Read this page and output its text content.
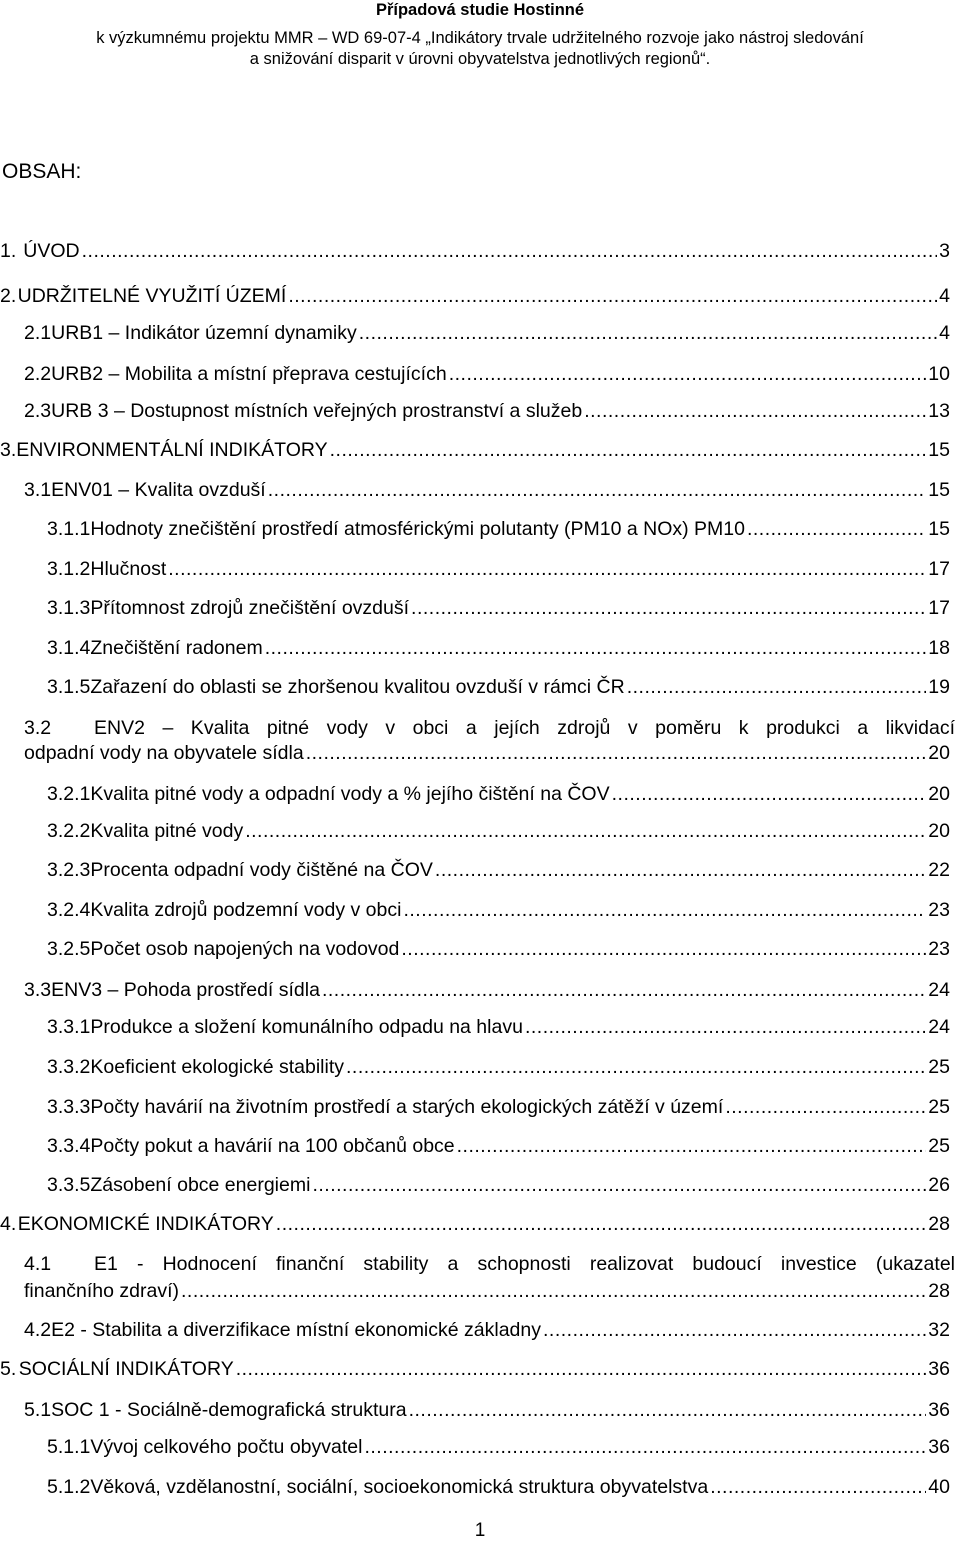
Případová studie Hostinné
k výzkumnému projektu MMR – WD 69-07-4 „Indikátory trvale udržitelného rozvoje jako nástroj sledování
a snižování disparit v úrovni obyvatelstva jednotlivých regionů“.
OBSAH:
1. ÚVOD .....	3
2. UDRŽITELNÉ VYUŽITÍ ÚZEMÍ .....	4
2.1 URB1 – Indikátor územní dynamiky .....	4
2.2 URB2 – Mobilita a místní přeprava cestujících .....	10
2.3 URB 3 – Dostupnost místních veřejných prostranství a služeb .....	13
3. ENVIRONMENTÁLNÍ INDIKÁTORY .....	15
3.1 ENV01 – Kvalita ovzduší .....	15
3.1.1 Hodnoty znečištění prostředí atmosférickými polutanty (PM10 a NOx) PM10 .....	15
3.1.2 Hlučnost .....	17
3.1.3 Přítomnost zdrojů znečištění ovzduší .....	17
3.1.4 Znečištění radonem .....	18
3.1.5 Zařazení do oblasti se zhoršenou kvalitou ovzduší v rámci ČR .....	19
3.2 ENV2 – Kvalita pitné vody v obci a jejích zdrojů v poměru k produkci a likvidací
odpadní vody na obyvatele sídla .....	20
3.2.1 Kvalita pitné vody a odpadní vody a % jejího čištění na ČOV .....	20
3.2.2 Kvalita pitné vody .....	20
3.2.3 Procenta odpadní vody čištěné na ČOV .....	22
3.2.4 Kvalita zdrojů podzemní vody v obci .....	23
3.2.5 Počet osob napojených na vodovod .....	23
3.3 ENV3 – Pohoda prostředí sídla .....	24
3.3.1 Produkce a složení komunálního odpadu na hlavu .....	24
3.3.2 Koeficient ekologické stability .....	25
3.3.3 Počty havárií na životním prostředí a starých ekologických zátěží v území .....	25
3.3.4 Počty pokut a havárií na 100 občanů obce .....	25
3.3.5 Zásobení obce energiemi .....	26
4. EKONOMICKÉ INDIKÁTORY .....	28
4.1 E1 - Hodnocení finanční stability a schopnosti realizovat budoucí investice (ukazatel
finančního zdraví) .....	28
4.2 E2 - Stabilita a diverzifikace místní ekonomické základny .....	32
5. SOCIÁLNÍ INDIKÁTORY .....	36
5.1 SOC 1 - Sociálně-demografická struktura .....	36
5.1.1 Vývoj celkového počtu obyvatel .....	36
5.1.2 Věková, vzdělanostní, sociální, socioekonomická struktura obyvatelstva .....	40
1
